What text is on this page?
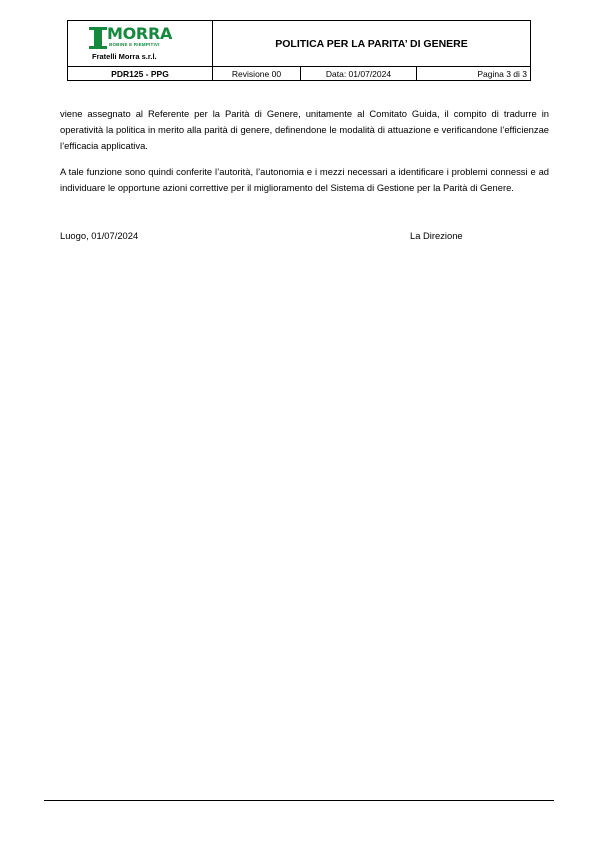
MORRA
BOBINE E RIEMPITIVI
Fratelli Morra s.r.l.
POLITICA PER LA PARITA’ DI GENERE
PDR125 - PPG	Revisione 00	Data: 01/07/2024	Pagina 3 di 3

viene assegnato al Referente per la Parità di Genere, unitamente al Comitato Guida, il compito di tradurre in operatività la politica in merito alla parità di genere, definendone le modalità di attuazione e verificandone l’efficienzae l’efficacia applicativa.

A tale funzione sono quindi conferite l’autorità, l’autonomia e i mezzi necessari a identificare i problemi connessi e ad individuare le opportune azioni correttive per il miglioramento del Sistema di Gestione per la Parità di Genere.

Luogo, 01/07/2024	La Direzione
